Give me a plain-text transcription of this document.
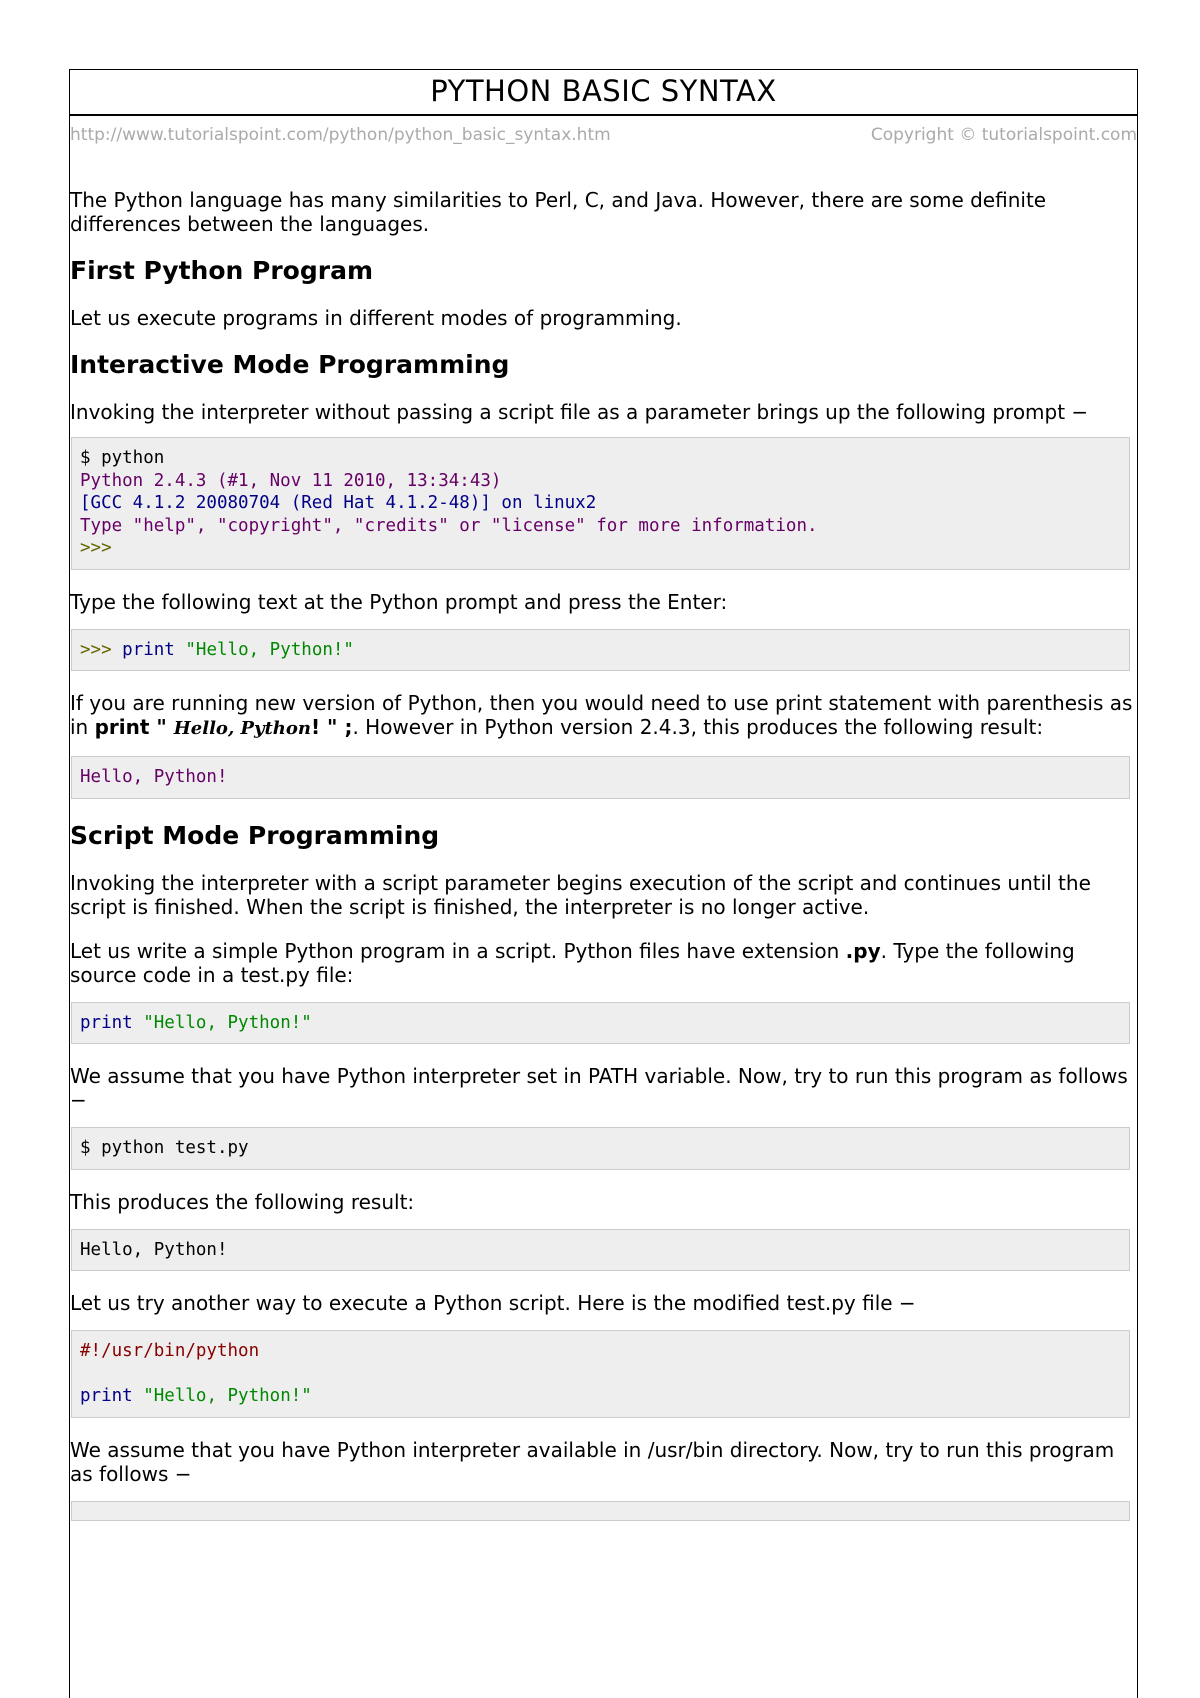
PYTHON BASIC SYNTAX
http://www.tutorialspoint.com/python/python_basic_syntax.htm	Copyright © tutorialspoint.com

The Python language has many similarities to Perl, C, and Java. However, there are some definite differences between the languages.

First Python Program

Let us execute programs in different modes of programming.

Interactive Mode Programming

Invoking the interpreter without passing a script file as a parameter brings up the following prompt −

$ python
Python 2.4.3 (#1, Nov 11 2010, 13:34:43)
[GCC 4.1.2 20080704 (Red Hat 4.1.2-48)] on linux2
Type "help", "copyright", "credits" or "license" for more information.
>>>

Type the following text at the Python prompt and press the Enter:

>>> print "Hello, Python!"

If you are running new version of Python, then you would need to use print statement with parenthesis as in print " Hello, Python! " ;. However in Python version 2.4.3, this produces the following result:

Hello, Python!
Script Mode Programming

Invoking the interpreter with a script parameter begins execution of the script and continues until the script is finished. When the script is finished, the interpreter is no longer active.

Let us write a simple Python program in a script. Python files have extension .py. Type the following source code in a test.py file:

print "Hello, Python!"

We assume that you have Python interpreter set in PATH variable. Now, try to run this program as follows −

$ python test.py

This produces the following result:

Hello, Python!

Let us try another way to execute a Python script. Here is the modified test.py file −

#!/usr/bin/python

print "Hello, Python!"

We assume that you have Python interpreter available in /usr/bin directory. Now, try to run this program as follows −
